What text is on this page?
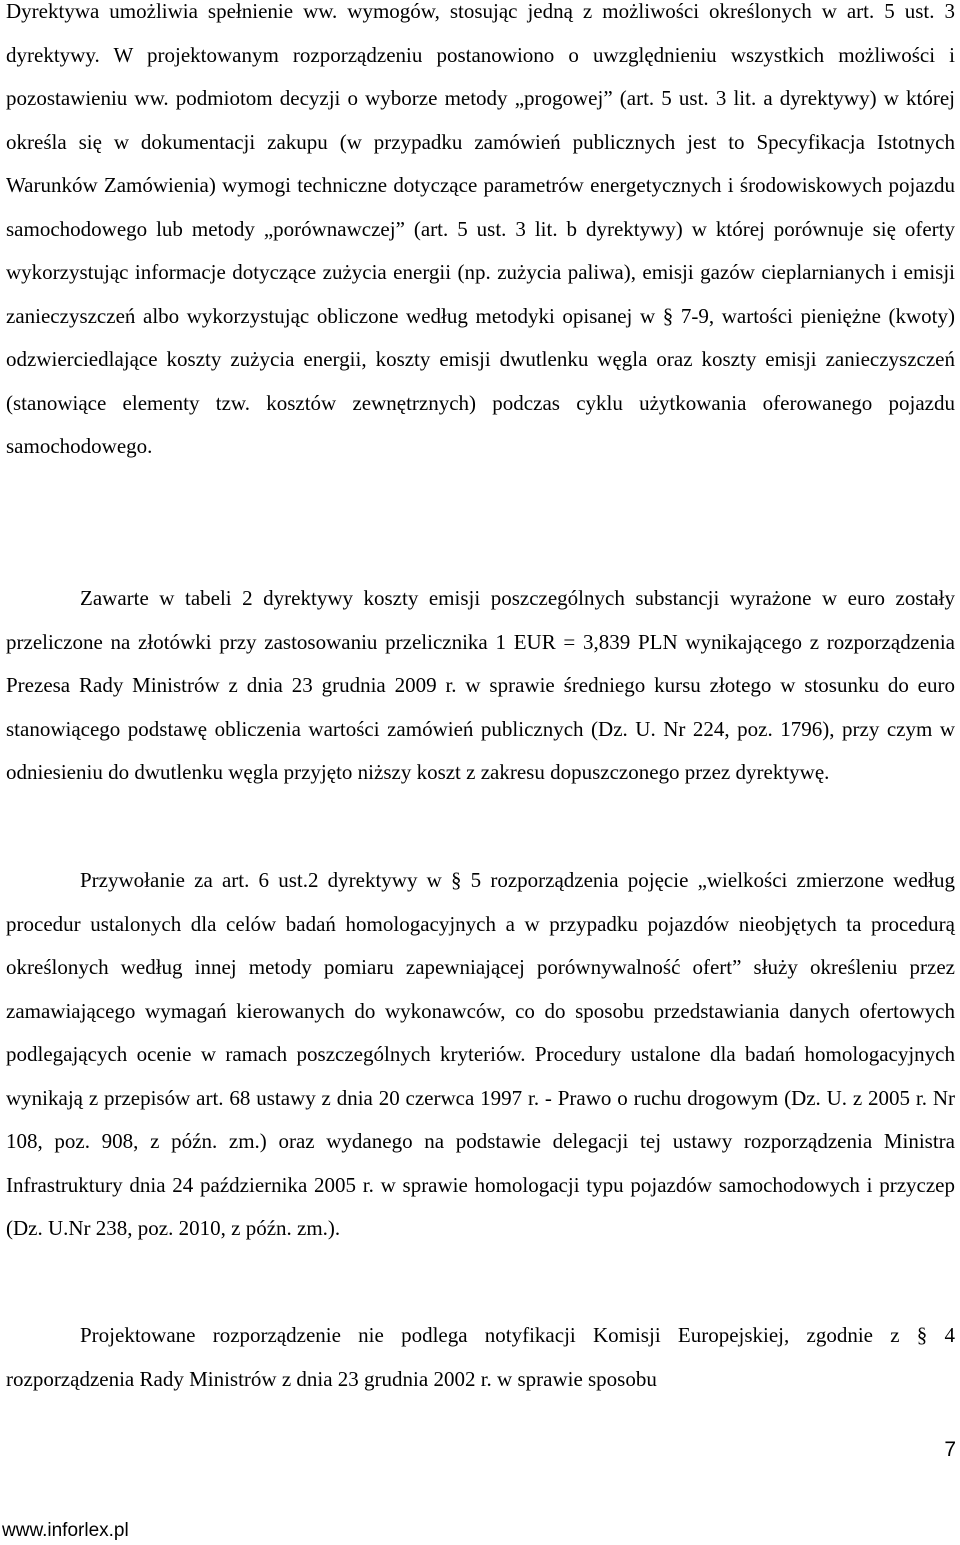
Dyrektywa umożliwia spełnienie ww. wymogów, stosując jedną z możliwości określonych w art. 5 ust. 3 dyrektywy. W projektowanym rozporządzeniu postanowiono o uwzględnieniu wszystkich możliwości i pozostawieniu ww. podmiotom decyzji o wyborze metody „progowej” (art. 5 ust. 3 lit. a dyrektywy) w której określa się w dokumentacji zakupu (w przypadku zamówień publicznych jest to Specyfikacja Istotnych Warunków Zamówienia) wymogi techniczne dotyczące parametrów energetycznych i środowiskowych pojazdu samochodowego lub metody „porównawczej” (art. 5 ust. 3 lit. b dyrektywy) w której porównuje się oferty wykorzystując informacje dotyczące zużycia energii (np. zużycia paliwa), emisji gazów cieplarnianych i emisji zanieczyszczeń albo wykorzystując obliczone według metodyki opisanej w § 7-9, wartości pieniężne (kwoty) odzwierciedlające koszty zużycia energii, koszty emisji dwutlenku węgla oraz koszty emisji zanieczyszczeń (stanowiące elementy tzw. kosztów zewnętrznych) podczas cyklu użytkowania oferowanego pojazdu samochodowego.

Zawarte w tabeli 2 dyrektywy koszty emisji poszczególnych substancji wyrażone w euro zostały przeliczone na złotówki przy zastosowaniu przelicznika 1 EUR = 3,839 PLN wynikającego z rozporządzenia Prezesa Rady Ministrów z dnia 23 grudnia 2009 r. w sprawie średniego kursu złotego w stosunku do euro stanowiącego podstawę obliczenia wartości zamówień publicznych (Dz. U. Nr 224, poz. 1796), przy czym w odniesieniu do dwutlenku węgla przyjęto niższy koszt z zakresu dopuszczonego przez dyrektywę.

Przywołanie za art. 6 ust.2 dyrektywy w § 5 rozporządzenia pojęcie „wielkości zmierzone według procedur ustalonych dla celów badań homologacyjnych a w przypadku pojazdów nieobjętych ta procedurą określonych według innej metody pomiaru zapewniającej porównywalność ofert” służy określeniu przez zamawiającego wymagań kierowanych do wykonawców, co do sposobu przedstawiania danych ofertowych podlegających ocenie w ramach poszczególnych kryteriów. Procedury ustalone dla badań homologacyjnych wynikają z przepisów art. 68 ustawy z dnia 20 czerwca 1997 r. - Prawo o ruchu drogowym (Dz. U. z 2005 r. Nr 108, poz. 908, z późn. zm.) oraz wydanego na podstawie delegacji tej ustawy rozporządzenia Ministra Infrastruktury dnia 24 października 2005 r. w sprawie homologacji typu pojazdów samochodowych i przyczep (Dz. U.Nr 238, poz. 2010, z późn. zm.).

Projektowane rozporządzenie nie podlega notyfikacji Komisji Europejskiej, zgodnie z § 4 rozporządzenia Rady Ministrów z dnia 23 grudnia 2002 r. w sprawie sposobu

7
www.inforlex.pl
